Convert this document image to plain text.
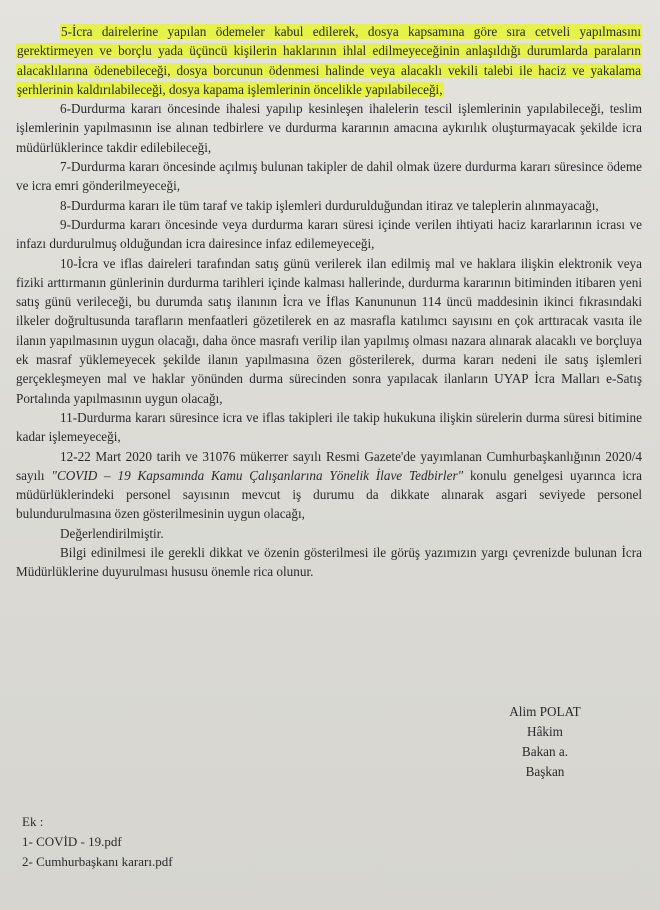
5-İcra dairelerine yapılan ödemeler kabul edilerek, dosya kapsamına göre sıra cetveli yapılmasını gerektirmeyen ve borçlu yada üçüncü kişilerin haklarının ihlal edilmeyeceğinin anlaşıldığı durumlarda paraların alacaklılarına ödenebileceği, dosya borcunun ödenmesi halinde veya alacaklı vekili talebi ile haciz ve yakalama şerhlerinin kaldırılabileceği, dosya kapama işlemlerinin öncelikle yapılabileceği,

6-Durdurma kararı öncesinde ihalesi yapılıp kesinleşen ihalelerin tescil işlemlerinin yapılabileceği, teslim işlemlerinin yapılmasının ise alınan tedbirlere ve durdurma kararının amacına aykırılık oluşturmayacak şekilde icra müdürlüklerince takdir edilebileceği,

7-Durdurma kararı öncesinde açılmış bulunan takipler de dahil olmak üzere durdurma kararı süresince ödeme ve icra emri gönderilmeyeceği,

8-Durdurma kararı ile tüm taraf ve takip işlemleri durdurulduğundan itiraz ve taleplerin alınmayacağı,

9-Durdurma kararı öncesinde veya durdurma kararı süresi içinde verilen ihtiyati haciz kararlarının icrası ve infazı durdurulmuş olduğundan icra dairesince infaz edilemeyeceği,

10-İcra ve iflas daireleri tarafından satış günü verilerek ilan edilmiş mal ve haklara ilişkin elektronik veya fiziki arttırmanın günlerinin durdurma tarihleri içinde kalması hallerinde, durdurma kararının bitiminden itibaren yeni satış günü verileceği, bu durumda satış ilanının İcra ve İflas Kanununun 114 üncü maddesinin ikinci fıkrasındaki ilkeler doğrultusunda tarafların menfaatleri gözetilerek en az masrafla katılımcı sayısını en çok arttıracak vasıta ile ilanın yapılmasının uygun olacağı, daha önce masrafı verilip ilan yapılmış olması nazara alınarak alacaklı ve borçluya ek masraf yüklemeyecek şekilde ilanın yapılmasına özen gösterilerek, durma kararı nedeni ile satış işlemleri gerçekleşmeyen mal ve haklar yönünden durma sürecinden sonra yapılacak ilanların UYAP İcra Malları e-Satış Portalında yapılmasının uygun olacağı,

11-Durdurma kararı süresince icra ve iflas takipleri ile takip hukukuna ilişkin sürelerin durma süresi bitimine kadar işlemeyeceği,

12-22 Mart 2020 tarih ve 31076 mükerrer sayılı Resmi Gazete'de yayımlanan Cumhurbaşkanlığının 2020/4 sayılı "COVID – 19 Kapsamında Kamu Çalışanlarına Yönelik İlave Tedbirler" konulu genelgesi uyarınca icra müdürlüklerindeki personel sayısının mevcut iş durumu da dikkate alınarak asgari seviyede personel bulundurulmasına özen gösterilmesinin uygun olacağı,

Değerlendirilmiştir.

Bilgi edinilmesi ile gerekli dikkat ve özenin gösterilmesi ile görüş yazımızın yargı çevrenizde bulunan İcra Müdürlüklerine duyurulması hususu önemle rica olunur.

Alim POLAT
Hâkim
Bakan a.
Başkan
Ek :
1- COVİD - 19.pdf
2- Cumhurbaşkanı kararı.pdf
